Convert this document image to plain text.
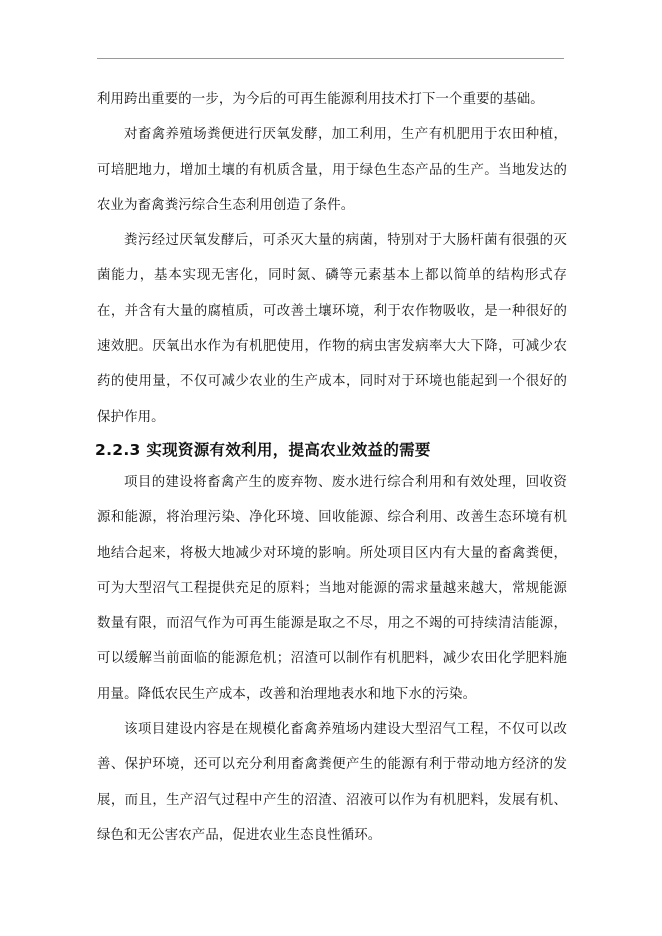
利用跨出重要的一步，为今后的可再生能源利用技术打下一个重要的基础。

对畜禽养殖场粪便进行厌氧发酵，加工利用，生产有机肥用于农田种植，可培肥地力，增加土壤的有机质含量，用于绿色生态产品的生产。当地发达的农业为畜禽粪污综合生态利用创造了条件。

粪污经过厌氧发酵后，可杀灭大量的病菌，特别对于大肠杆菌有很强的灭菌能力，基本实现无害化，同时氮、磷等元素基本上都以简单的结构形式存在，并含有大量的腐植质，可改善土壤环境，利于农作物吸收，是一种很好的速效肥。厌氧出水作为有机肥使用，作物的病虫害发病率大大下降，可减少农药的使用量，不仅可减少农业的生产成本，同时对于环境也能起到一个很好的保护作用。

2.2.3 实现资源有效利用，提高农业效益的需要

项目的建设将畜禽产生的废弃物、废水进行综合利用和有效处理，回收资源和能源，将治理污染、净化环境、回收能源、综合利用、改善生态环境有机地结合起来，将极大地减少对环境的影响。所处项目区内有大量的畜禽粪便，可为大型沼气工程提供充足的原料；当地对能源的需求量越来越大，常规能源数量有限，而沼气作为可再生能源是取之不尽，用之不竭的可持续清洁能源，可以缓解当前面临的能源危机；沼渣可以制作有机肥料，减少农田化学肥料施用量。降低农民生产成本，改善和治理地表水和地下水的污染。

该项目建设内容是在规模化畜禽养殖场内建设大型沼气工程，不仅可以改善、保护环境，还可以充分利用畜禽粪便产生的能源有利于带动地方经济的发展，而且，生产沼气过程中产生的沼渣、沼液可以作为有机肥料，发展有机、绿色和无公害农产品，促进农业生态良性循环。
